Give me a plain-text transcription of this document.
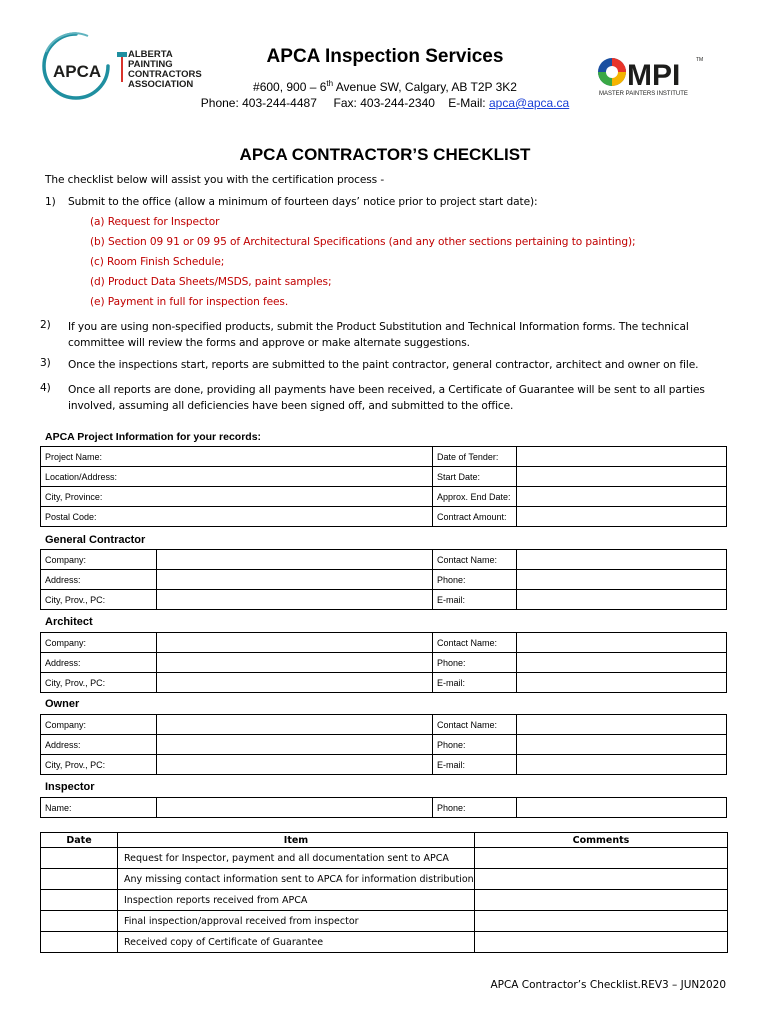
APCA
ALBERTA
PAINTING
CONTRACTORS
ASSOCIATION
APCA Inspection Services
#600, 900 – 6th Avenue SW, Calgary, AB T2P 3K2
Phone: 403-244-4487 Fax: 403-244-2340 E-Mail: apca@apca.ca
MPI	TM
MASTER PAINTERS INSTITUTE
APCA CONTRACTOR’S CHECKLIST
The checklist below will assist you with the certification process -
1) Submit to the office (allow a minimum of fourteen days’ notice prior to project start date):
(a) Request for Inspector
(b) Section 09 91 or 09 95 of Architectural Specifications (and any other sections pertaining to painting);
(c) Room Finish Schedule;
(d) Product Data Sheets/MSDS, paint samples;
(e) Payment in full for inspection fees.
2) If you are using non-specified products, submit the Product Substitution and Technical Information forms. The technical committee will review the forms and approve or make alternate suggestions.
3) Once the inspections start, reports are submitted to the paint contractor, general contractor, architect and owner on file.
4) Once all reports are done, providing all payments have been received, a Certificate of Guarantee will be sent to all parties involved, assuming all deficiencies have been signed off, and submitted to the office.
APCA Project Information for your records:
Project Name:		Date of Tender:	
Location/Address:		Start Date:	
City, Province:		Approx. End Date:	
Postal Code:		Contract Amount:	
General Contractor
Company:		Contact Name:	
Address:		Phone:	
City, Prov., PC:		E-mail:	
Architect
Company:		Contact Name:	
Address:		Phone:	
City, Prov., PC:		E-mail:	
Owner
Company:		Contact Name:	
Address:		Phone:	
City, Prov., PC:		E-mail:	
Inspector
Name:		Phone:	
Date	Item	Comments
	Request for Inspector, payment and all documentation sent to APCA	
	Any missing contact information sent to APCA for information distribution	
	Inspection reports received from APCA	
	Final inspection/approval received from inspector	
	Received copy of Certificate of Guarantee	
APCA Contractor’s Checklist.REV3 – JUN2020
